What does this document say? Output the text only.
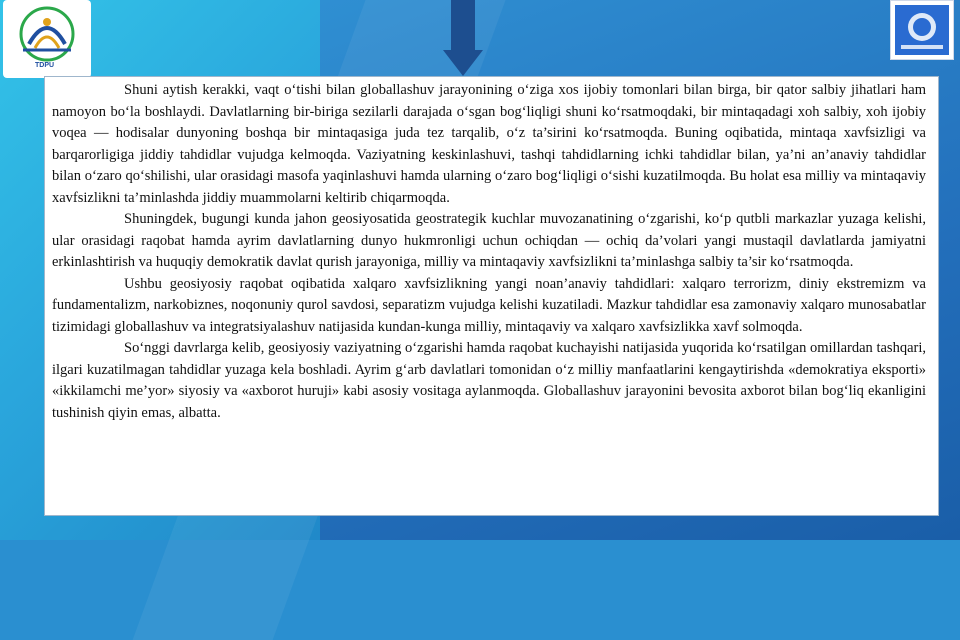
TDPU

Shuni aytish kerakki, vaqt o‘tishi bilan globallashuv jarayonining o‘ziga xos ijobiy tomonlari bilan birga, bir qator salbiy jihatlari ham namoyon bo‘la boshlaydi. Davlatlarning bir-biriga sezilarli darajada o‘sgan bog‘liqligi shuni ko‘rsatmoqdaki, bir mintaqadagi xoh salbiy, xoh ijobiy voqea — hodisalar dunyoning boshqa bir mintaqasiga juda tez tarqalib, o‘z ta’sirini ko‘rsatmoqda. Buning oqibatida, mintaqa xavfsizligi va barqarorligiga jiddiy tahdidlar vujudga kelmoqda. Vaziyatning keskinlashuvi, tashqi tahdidlarning ichki tahdidlar bilan, ya’ni an’anaviy tahdidlar bilan o‘zaro qo‘shilishi, ular orasidagi masofa yaqinlashuvi hamda ularning o‘zaro bog‘liqligi o‘sishi kuzatilmoqda. Bu holat esa milliy va mintaqaviy xavfsizlikni ta’minlashda jiddiy muammolarni keltirib chiqarmoqda.

Shuningdek, bugungi kunda jahon geosiyosatida geostrategik kuchlar muvozanatining o‘zgarishi, ko‘p qutbli markazlar yuzaga kelishi, ular orasidagi raqobat hamda ayrim davlatlarning dunyo hukmronligi uchun ochiqdan — ochiq da’volari yangi mustaqil davlatlarda jamiyatni erkinlashtirish va huquqiy demokratik davlat qurish jarayoniga, milliy va mintaqaviy xavfsizlikni ta’minlashga salbiy ta’sir ko‘rsatmoqda.

Ushbu geosiyosiy raqobat oqibatida xalqaro xavfsizlikning yangi noan’anaviy tahdidlari: xalqaro terrorizm, diniy ekstremizm va fundamentalizm, narkobiznes, noqonuniy qurol savdosi, separatizm vujudga kelishi kuzatiladi. Mazkur tahdidlar esa zamonaviy xalqaro munosabatlar tizimidagi globallashuv va integratsiyalashuv natijasida kundan-kunga milliy, mintaqaviy va xalqaro xavfsizlikka xavf solmoqda.

So‘nggi davrlarga kelib, geosiyosiy vaziyatning o‘zgarishi hamda raqobat kuchayishi natijasida yuqorida ko‘rsatilgan omillardan tashqari, ilgari kuzatilmagan tahdidlar yuzaga kela boshladi. Ayrim g‘arb davlatlari tomonidan o‘z milliy manfaatlarini kengaytirishda «demokratiya eksporti» «ikkilamchi me’yor» siyosiy va «axborot huruji» kabi asosiy vositaga aylanmoqda. Globallashuv jarayonini bevosita axborot bilan bog‘liq ekanligini tushinish qiyin emas, albatta.
